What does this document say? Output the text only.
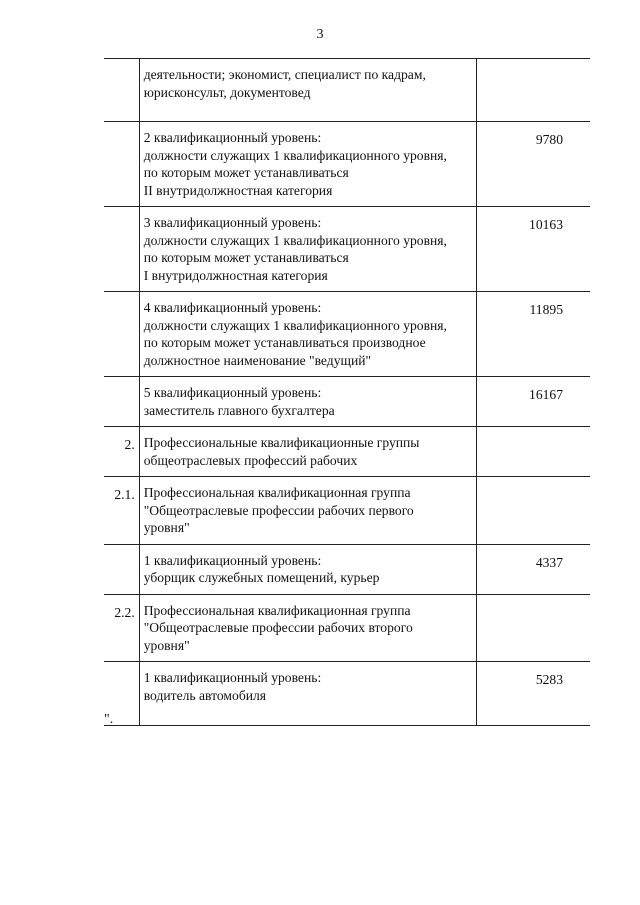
3

	деятельности; экономист, специалист по кадрам,
юрисконсульт, документовед	

	2 квалификационный уровень:
должности служащих 1 квалификационного уровня,
по которым может устанавливаться
II внутридолжностная категория	9780

	3 квалификационный уровень:
должности служащих 1 квалификационного уровня,
по которым может устанавливаться
I внутридолжностная категория	10163

	4 квалификационный уровень:
должности служащих 1 квалификационного уровня,
по которым может устанавливаться производное
должностное наименование "ведущий"	11895

	5 квалификационный уровень:
заместитель главного бухгалтера	16167
2.	Профессиональные квалификационные группы
общеотраслевых профессий рабочих	

2.1.	Профессиональная квалификационная группа
"Общеотраслевые профессии рабочих первого
уровня"	

	1 квалификационный уровень:
уборщик служебных помещений, курьер	4337
2.2.	Профессиональная квалификационная группа
"Общеотраслевые профессии рабочих второго
уровня"	

	1 квалификационный уровень:
водитель автомобиля	5283
".
